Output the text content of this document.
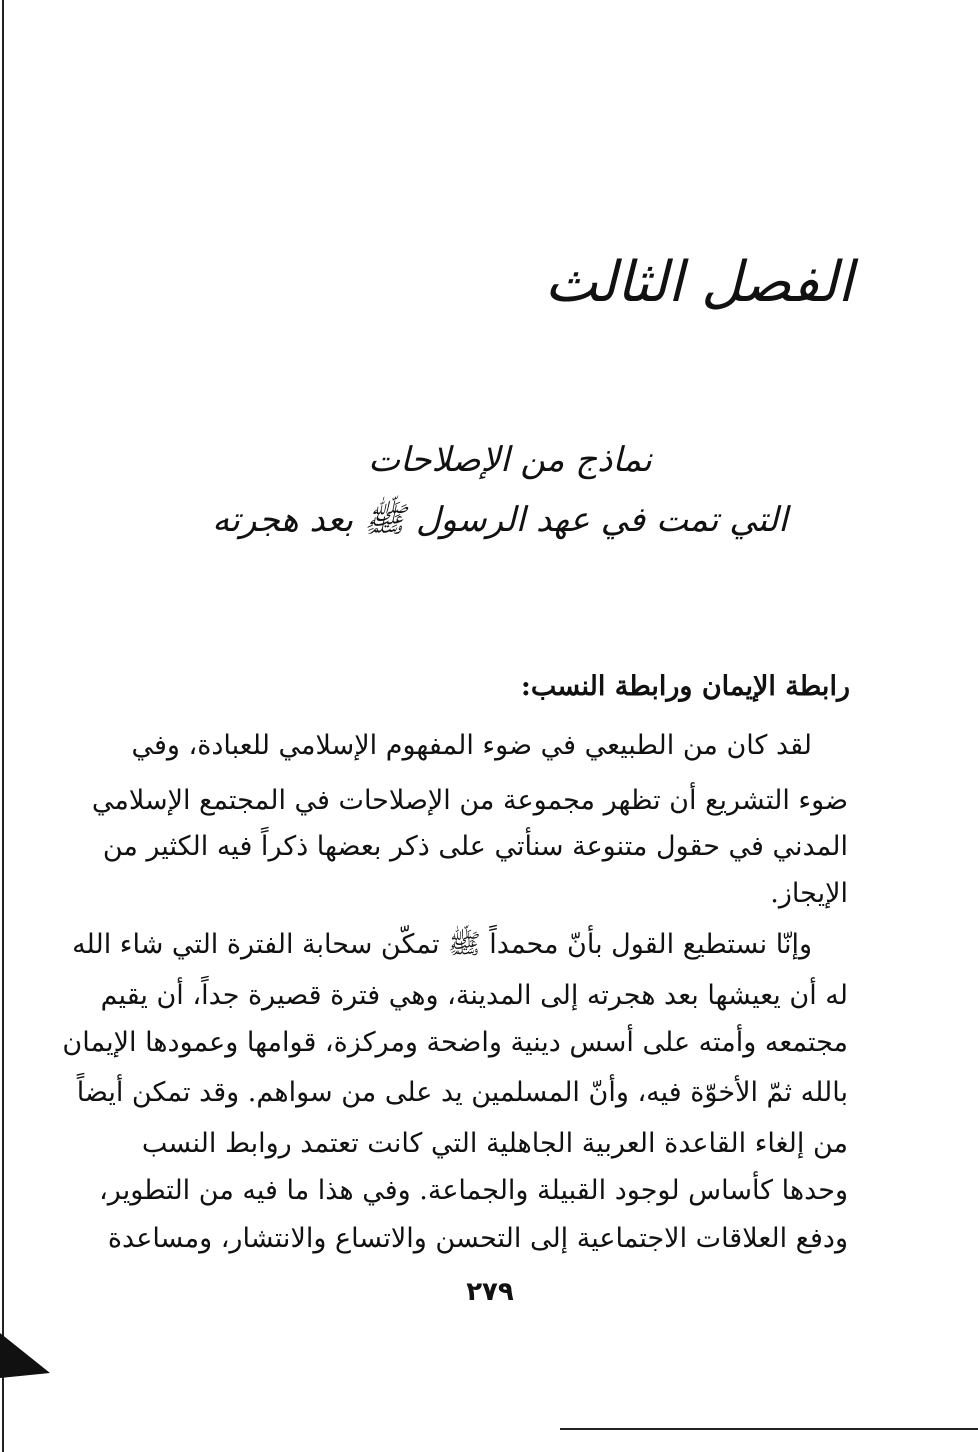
الفصل الثالث
نماذج من الإصلاحات
التي تمت في عهد الرسول ﷺ بعد هجرته
رابطة الإيمان ورابطة النسب:
لقد كان من الطبيعي في ضوء المفهوم الإسلامي للعبادة، وفي
ضوء التشريع أن تظهر مجموعة من الإصلاحات في المجتمع الإسلامي
المدني في حقول متنوعة سنأتي على ذكر بعضها ذكراً فيه الكثير من
الإيجاز.
وإنّا نستطيع القول بأنّ محمداً ﷺ تمكّن سحابة الفترة التي شاء الله
له أن يعيشها بعد هجرته إلى المدينة، وهي فترة قصيرة جداً، أن يقيم
مجتمعه وأمته على أسس دينية واضحة ومركزة، قوامها وعمودها الإيمان
بالله ثمّ الأخوّة فيه، وأنّ المسلمين يد على من سواهم. وقد تمكن أيضاً
من إلغاء القاعدة العربية الجاهلية التي كانت تعتمد روابط النسب
وحدها كأساس لوجود القبيلة والجماعة. وفي هذا ما فيه من التطوير،
ودفع العلاقات الاجتماعية إلى التحسن والاتساع والانتشار، ومساعدة
٢٧٩
